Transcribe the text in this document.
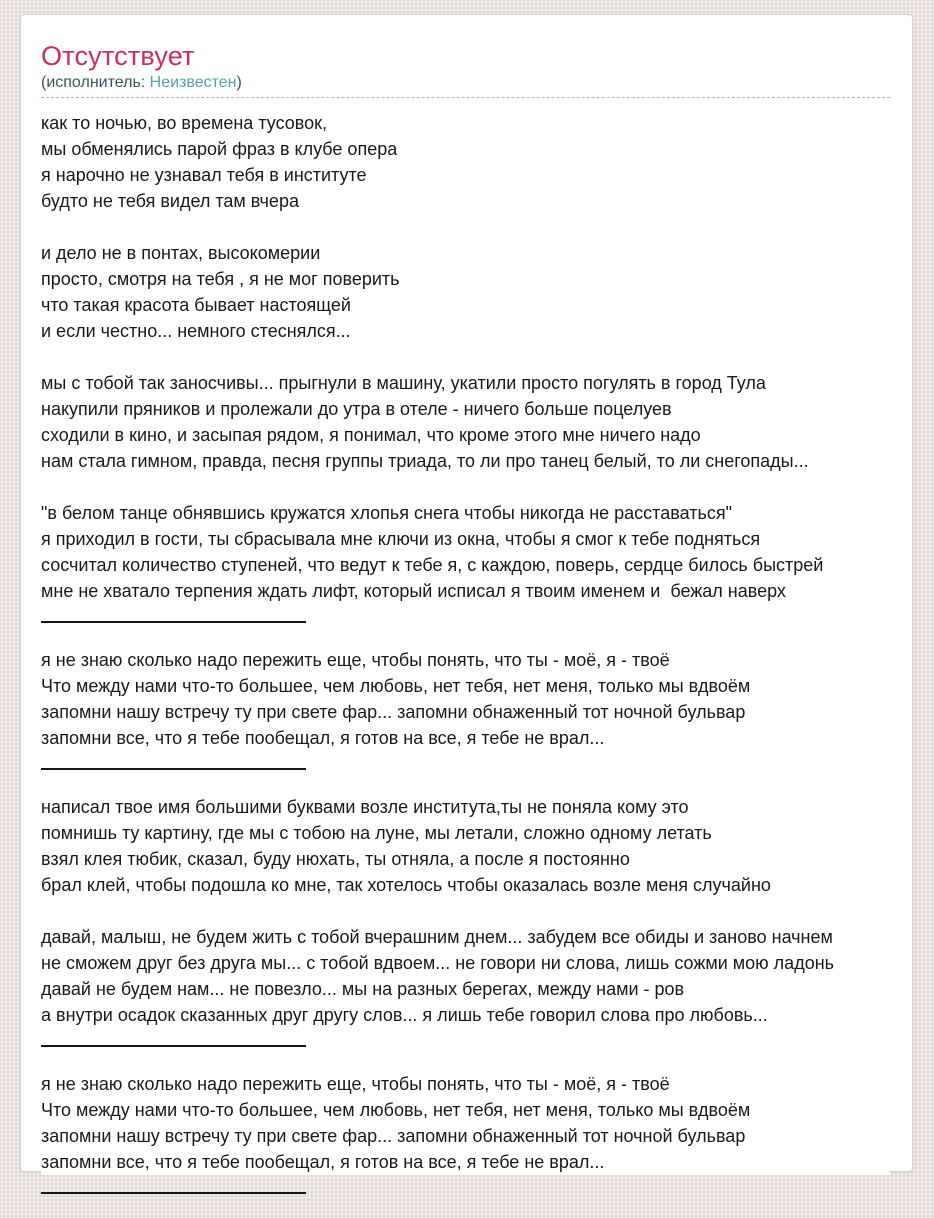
Отсутствует
(исполнитель: Неизвестен)
как то ночью, во времена тусовок,
мы обменялись парой фраз в клубе опера
я нарочно не узнавал тебя в институте
будто не тебя видел там вчера
и дело не в понтах, высокомерии
просто, смотря на тебя , я не мог поверить
что такая красота бывает настоящей
и если честно... немного стеснялся...
мы с тобой так заносчивы... прыгнули в машину, укатили просто погулять в город Тула
накупили пряников и пролежали до утра в отеле - ничего больше поцелуев
сходили в кино, и засыпая рядом, я понимал, что кроме этого мне ничего надо
нам стала гимном, правда, песня группы триада, то ли про танец белый, то ли снегопады...
"в белом танце обнявшись кружатся хлопья снега чтобы никогда не расставаться"
я приходил в гости, ты сбрасывала мне ключи из окна, чтобы я смог к тебе подняться
сосчитал количество ступеней, что ведут к тебе я, с каждою, поверь, сердце билось быстрей
мне не хватало терпения ждать лифт, который исписал я твоим именем и  бежал наверх
я не знаю сколько надо пережить еще, чтобы понять, что ты - моё, я - твоё
Что между нами что-то большее, чем любовь, нет тебя, нет меня, только мы вдвоём
запомни нашу встречу ту при свете фар... запомни обнаженный тот ночной бульвар
запомни все, что я тебе пообещал, я готов на все, я тебе не врал...
написал твое имя большими буквами возле института,ты не поняла кому это
помнишь ту картину, где мы с тобою на луне, мы летали, сложно одному летать
взял клея тюбик, сказал, буду нюхать, ты отняла, а после я постоянно
брал клей, чтобы подошла ко мне, так хотелось чтобы оказалась возле меня случайно
давай, малыш, не будем жить с тобой вчерашним днем... забудем все обиды и заново начнем
не сможем друг без друга мы... с тобой вдвоем... не говори ни слова, лишь сожми мою ладонь
давай не будем нам... не повезло... мы на разных берегах, между нами - ров
а внутри осадок сказанных друг другу слов... я лишь тебе говорил слова про любовь...
я не знаю сколько надо пережить еще, чтобы понять, что ты - моё, я - твоё
Что между нами что-то большее, чем любовь, нет тебя, нет меня, только мы вдвоём
запомни нашу встречу ту при свете фар... запомни обнаженный тот ночной бульвар
запомни все, что я тебе пообещал, я готов на все, я тебе не врал...
